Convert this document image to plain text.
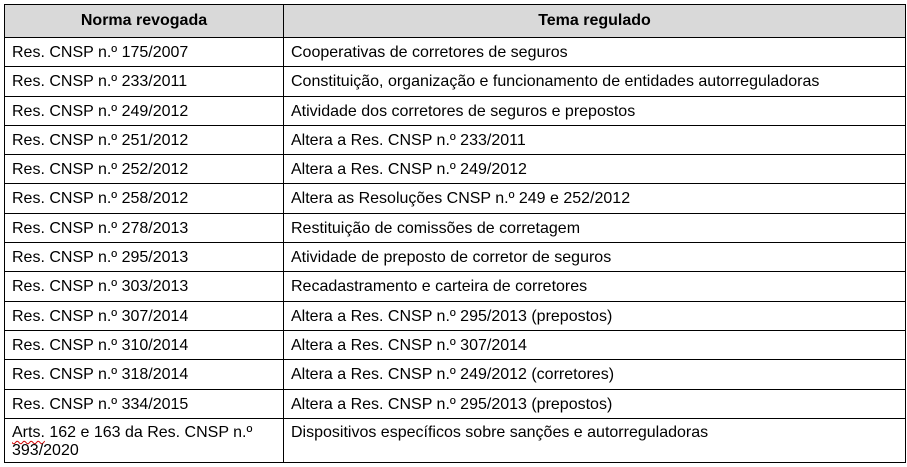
Norma revogada	Tema regulado
Res. CNSP n.º 175/2007	Cooperativas de corretores de seguros
Res. CNSP n.º 233/2011	Constituição, organização e funcionamento de entidades autorreguladoras
Res. CNSP n.º 249/2012	Atividade dos corretores de seguros e prepostos
Res. CNSP n.º 251/2012	Altera a Res. CNSP n.º 233/2011
Res. CNSP n.º 252/2012	Altera a Res. CNSP n.º 249/2012
Res. CNSP n.º 258/2012	Altera as Resoluções CNSP n.º 249 e 252/2012
Res. CNSP n.º 278/2013	Restituição de comissões de corretagem
Res. CNSP n.º 295/2013	Atividade de preposto de corretor de seguros
Res. CNSP n.º 303/2013	Recadastramento e carteira de corretores
Res. CNSP n.º 307/2014	Altera a Res. CNSP n.º 295/2013 (prepostos)
Res. CNSP n.º 310/2014	Altera a Res. CNSP n.º 307/2014
Res. CNSP n.º 318/2014	Altera a Res. CNSP n.º 249/2012 (corretores)
Res. CNSP n.º 334/2015	Altera a Res. CNSP n.º 295/2013 (prepostos)
Arts. 162 e 163 da Res. CNSP n.º 393/2020	Dispositivos específicos sobre sanções e autorreguladoras
